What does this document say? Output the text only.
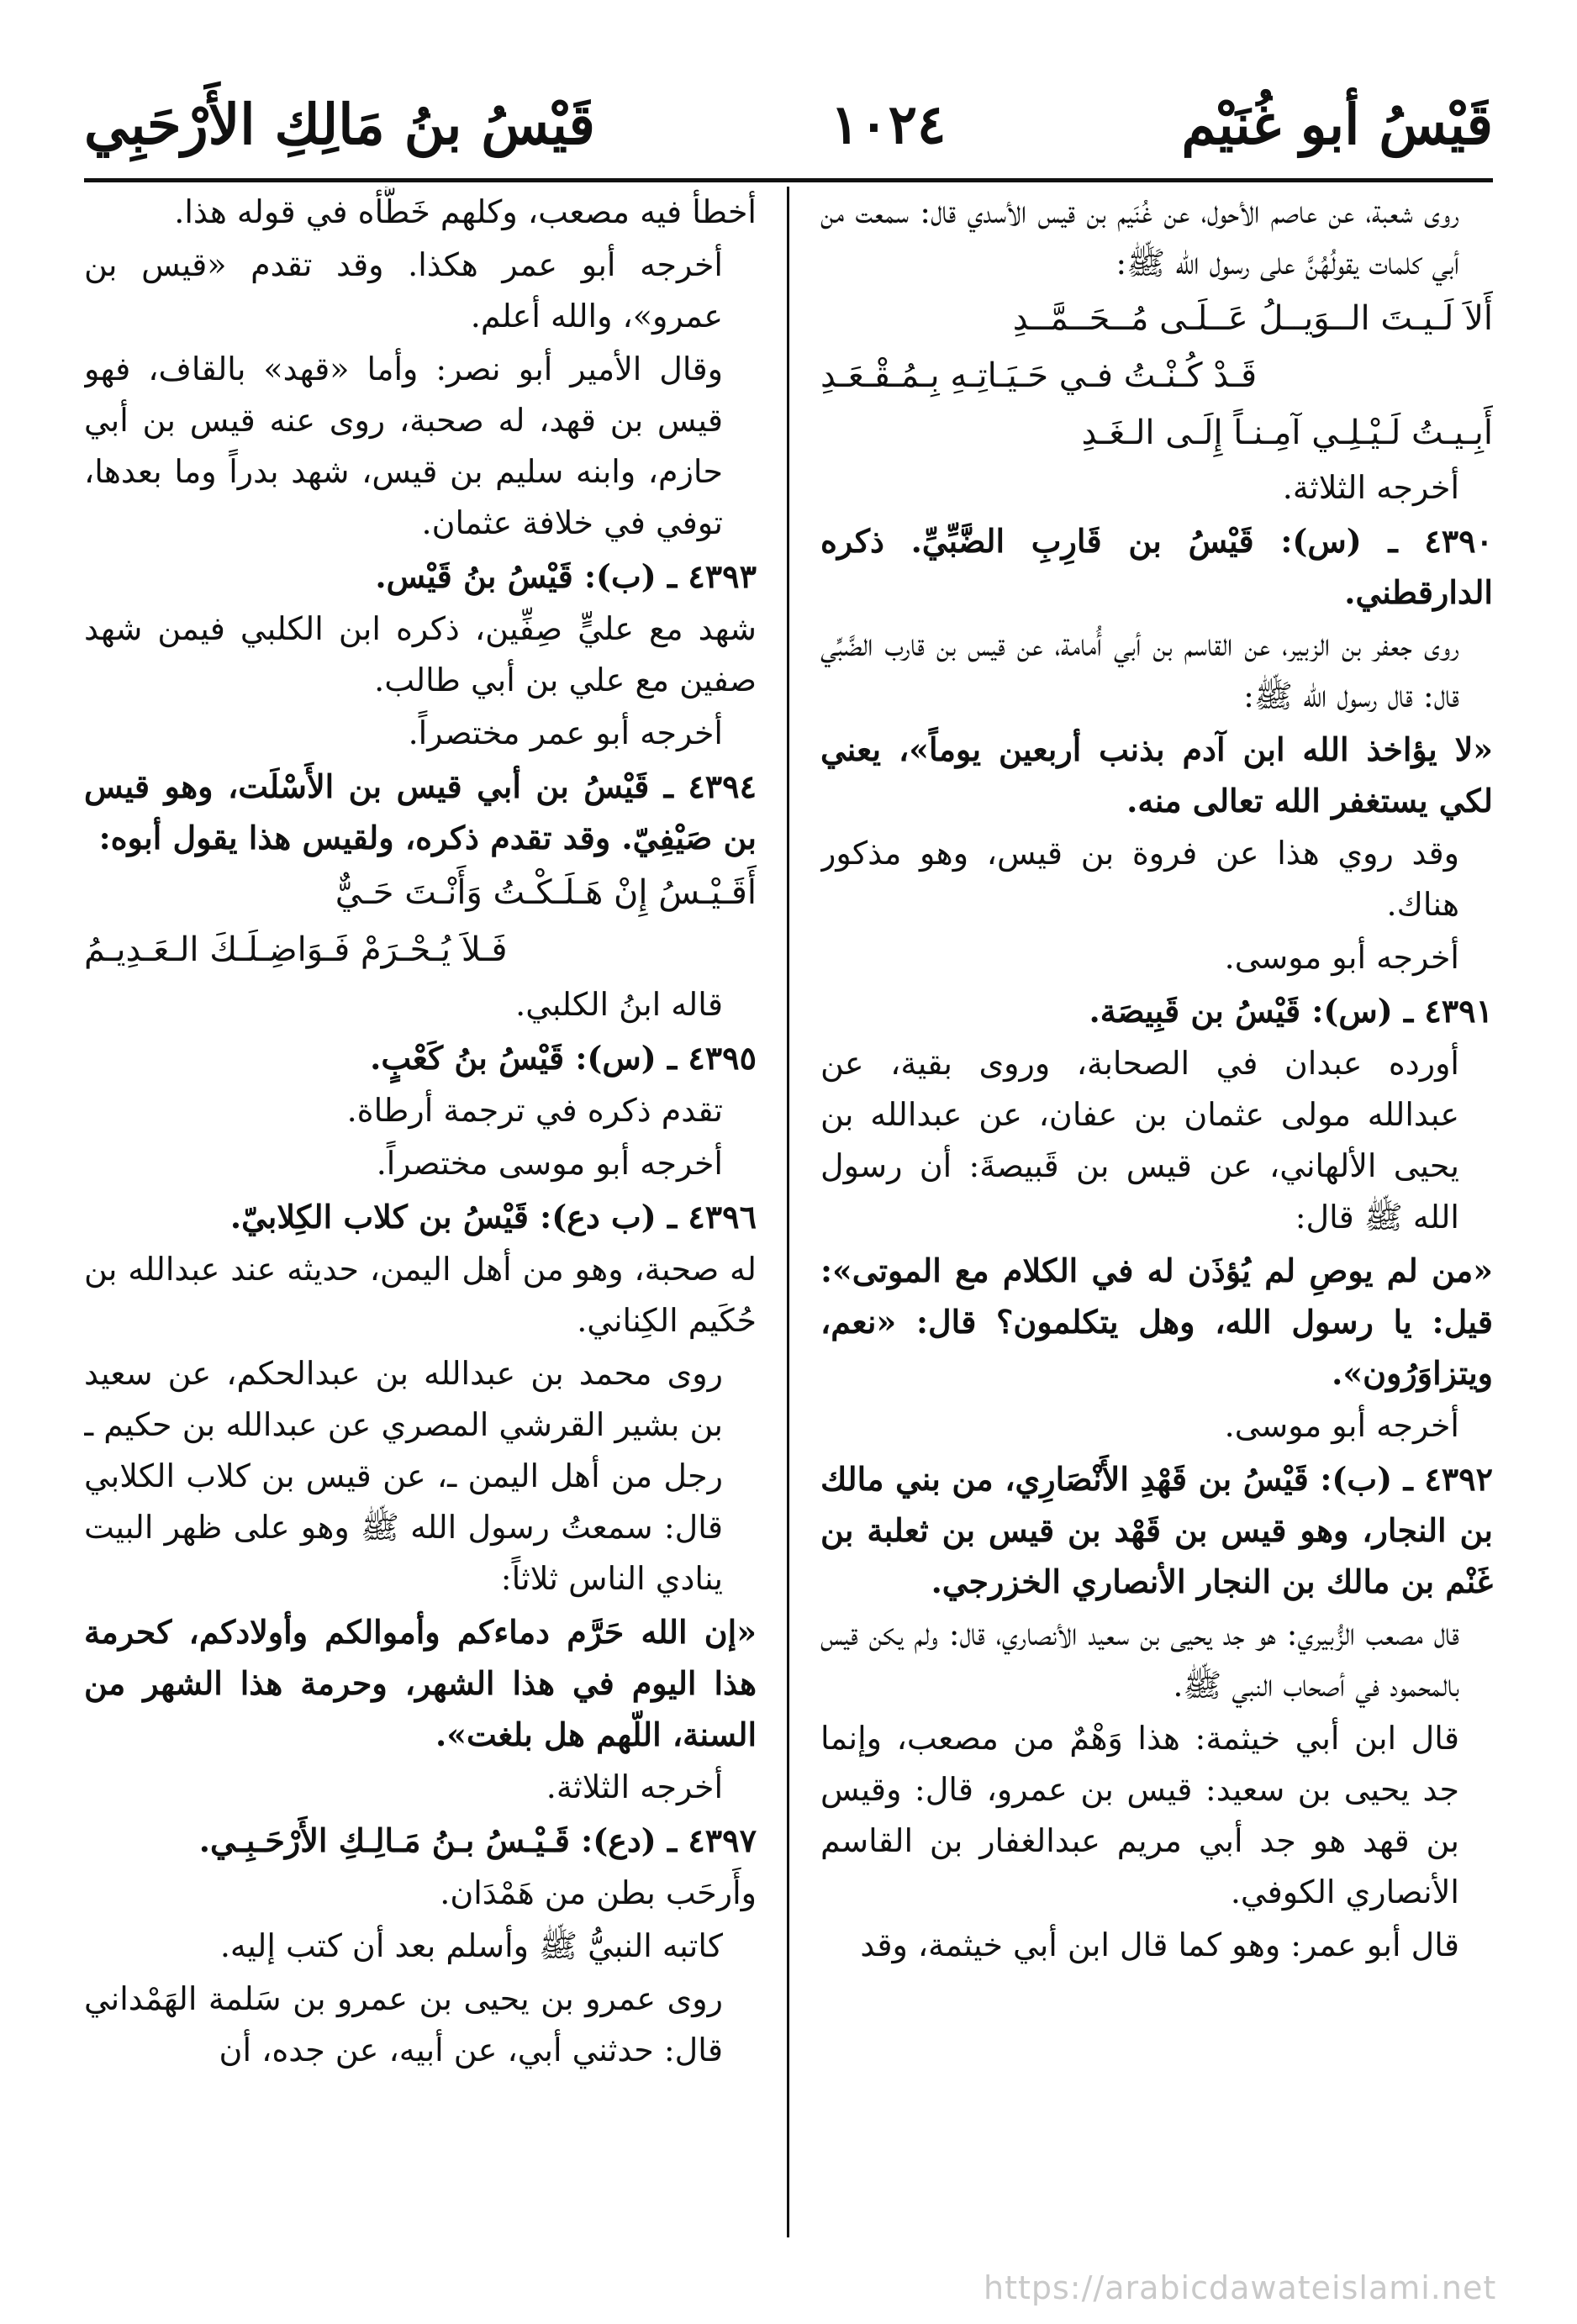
قَيْسُ أبو غُنَيْم
١٠٢٤
قَيْسُ بنُ مَالِكِ الأَرْحَبِي

روى شعبة، عن عاصم الأحول، عن غُنَيم بن قيس الأسدي قال: سمعت من أبي كلمات يقولُهُنَّ على رسول الله ﷺ:

أَلاَ لَـيـتَ الــوَيــلُ عَــلَـى مُــحَــمَّــدِ

قَـدْ كُـنْـتُ فـي حَـيَـاتِـهِ بِـمُـقْـعَـدِ

أَبِـيـتُ لَـيْـلِـي آمِـنـاً إِلَـى الـغَـدِ

أخرجه الثلاثة.

٤٣٩٠ ـ (س): قَيْسُ بن قَارِبِ الضَّبِّيِّ. ذكره الدارقطني.

روى جعفر بن الزبير، عن القاسم بن أبي أُمامة، عن قيس بن قارب الضَّبِّي قال: قال رسول الله ﷺ:

«لا يؤاخذ الله ابن آدم بذنب أربعين يوماً»، يعني لكي يستغفر الله تعالى منه.

وقد روي هذا عن فروة بن قيس، وهو مذكور هناك.

أخرجه أبو موسى.

٤٣٩١ ـ (س): قَيْسُ بن قَبِيصَة.

أورده عبدان في الصحابة، وروى بقية، عن عبدالله مولى عثمان بن عفان، عن عبدالله بن يحيى الألهاني، عن قيس بن قَبيصةَ: أن رسول الله ﷺ قال:

«من لم يوصِ لم يُؤذَن له في الكلام مع الموتى»: قيل: يا رسول الله، وهل يتكلمون؟ قال: «نعم، ويتزاوَرُون».

أخرجه أبو موسى.

٤٣٩٢ ـ (ب): قَيْسُ بن قَهْدِ الأَنْصَارِي، من بني مالك بن النجار، وهو قيس بن قَهْد بن قيس بن ثعلبة بن غَنْم بن مالك بن النجار الأنصاري الخزرجي.

قال مصعب الزُّبيري: هو جد يحيى بن سعيد الأنصاري، قال: ولم يكن قيس بالمحمود في أصحاب النبي ﷺ.

قال ابن أبي خيثمة: هذا وَهْمٌ من مصعب، وإنما جد يحيى بن سعيد: قيس بن عمرو، قال: وقيس بن قهد هو جد أبي مريم عبدالغفار بن القاسم الأنصاري الكوفي.

قال أبو عمر: وهو كما قال ابن أبي خيثمة، وقد

أخطأ فيه مصعب، وكلهم خَطَّأه في قوله هذا.

أخرجه أبو عمر هكذا. وقد تقدم «قيس بن عمرو»، والله أعلم.

وقال الأمير أبو نصر: وأما «قهد» بالقاف، فهو قيس بن قهد، له صحبة، روى عنه قيس بن أبي حازم، وابنه سليم بن قيس، شهد بدراً وما بعدها، توفي في خلافة عثمان.

٤٣٩٣ ـ (ب): قَيْسُ بنُ قَيْس.

شهد مع عليٍّ صِفِّين، ذكره ابن الكلبي فيمن شهد صفين مع علي بن أبي طالب.

أخرجه أبو عمر مختصراً.

٤٣٩٤ ـ قَيْسُ بن أبي قيس بن الأَسْلَت، وهو قيس بن صَيْفِيّ. وقد تقدم ذكره، ولقيس هذا يقول أبوه:

أَقَـيْـسُ إِنْ هَـلَـكْـتُ وَأَنْـتَ حَـيٌّ

فَـلاَ يُـحْـرَمْ فَـوَاضِـلَـكَ الـعَـدِيـمُ

قاله ابنُ الكلبي.

٤٣٩٥ ـ (س): قَيْسُ بنُ كَعْبٍ.

تقدم ذكره في ترجمة أرطاة.

أخرجه أبو موسى مختصراً.

٤٣٩٦ ـ (ب دع): قَيْسُ بن كلاب الكِلابيّ.

له صحبة، وهو من أهل اليمن، حديثه عند عبدالله بن حُكَيم الكِناني.

روى محمد بن عبدالله بن عبدالحكم، عن سعيد بن بشير القرشي المصري عن عبدالله بن حكيم ـ رجل من أهل اليمن ـ، عن قيس بن كلاب الكلابي قال: سمعتُ رسول الله ﷺ وهو على ظهر البيت ينادي الناس ثلاثاً:

«إن الله حَرَّم دماءكم وأموالكم وأولادكم، كحرمة هذا اليوم في هذا الشهر، وحرمة هذا الشهر من السنة، اللّهم هل بلغت».

أخرجه الثلاثة.

٤٣٩٧ ـ (دع): قَـيْـسُ بـنُ مَـالِـكِ الأَرْحَـبِـي.

وأَرحَب بطن من هَمْدَان.

كاتبه النبيُّ ﷺ وأسلم بعد أن كتب إليه.

روى عمرو بن يحيى بن عمرو بن سَلمة الهَمْداني قال: حدثني أبي، عن أبيه، عن جده، أن

https://arabicdawateislami.net
